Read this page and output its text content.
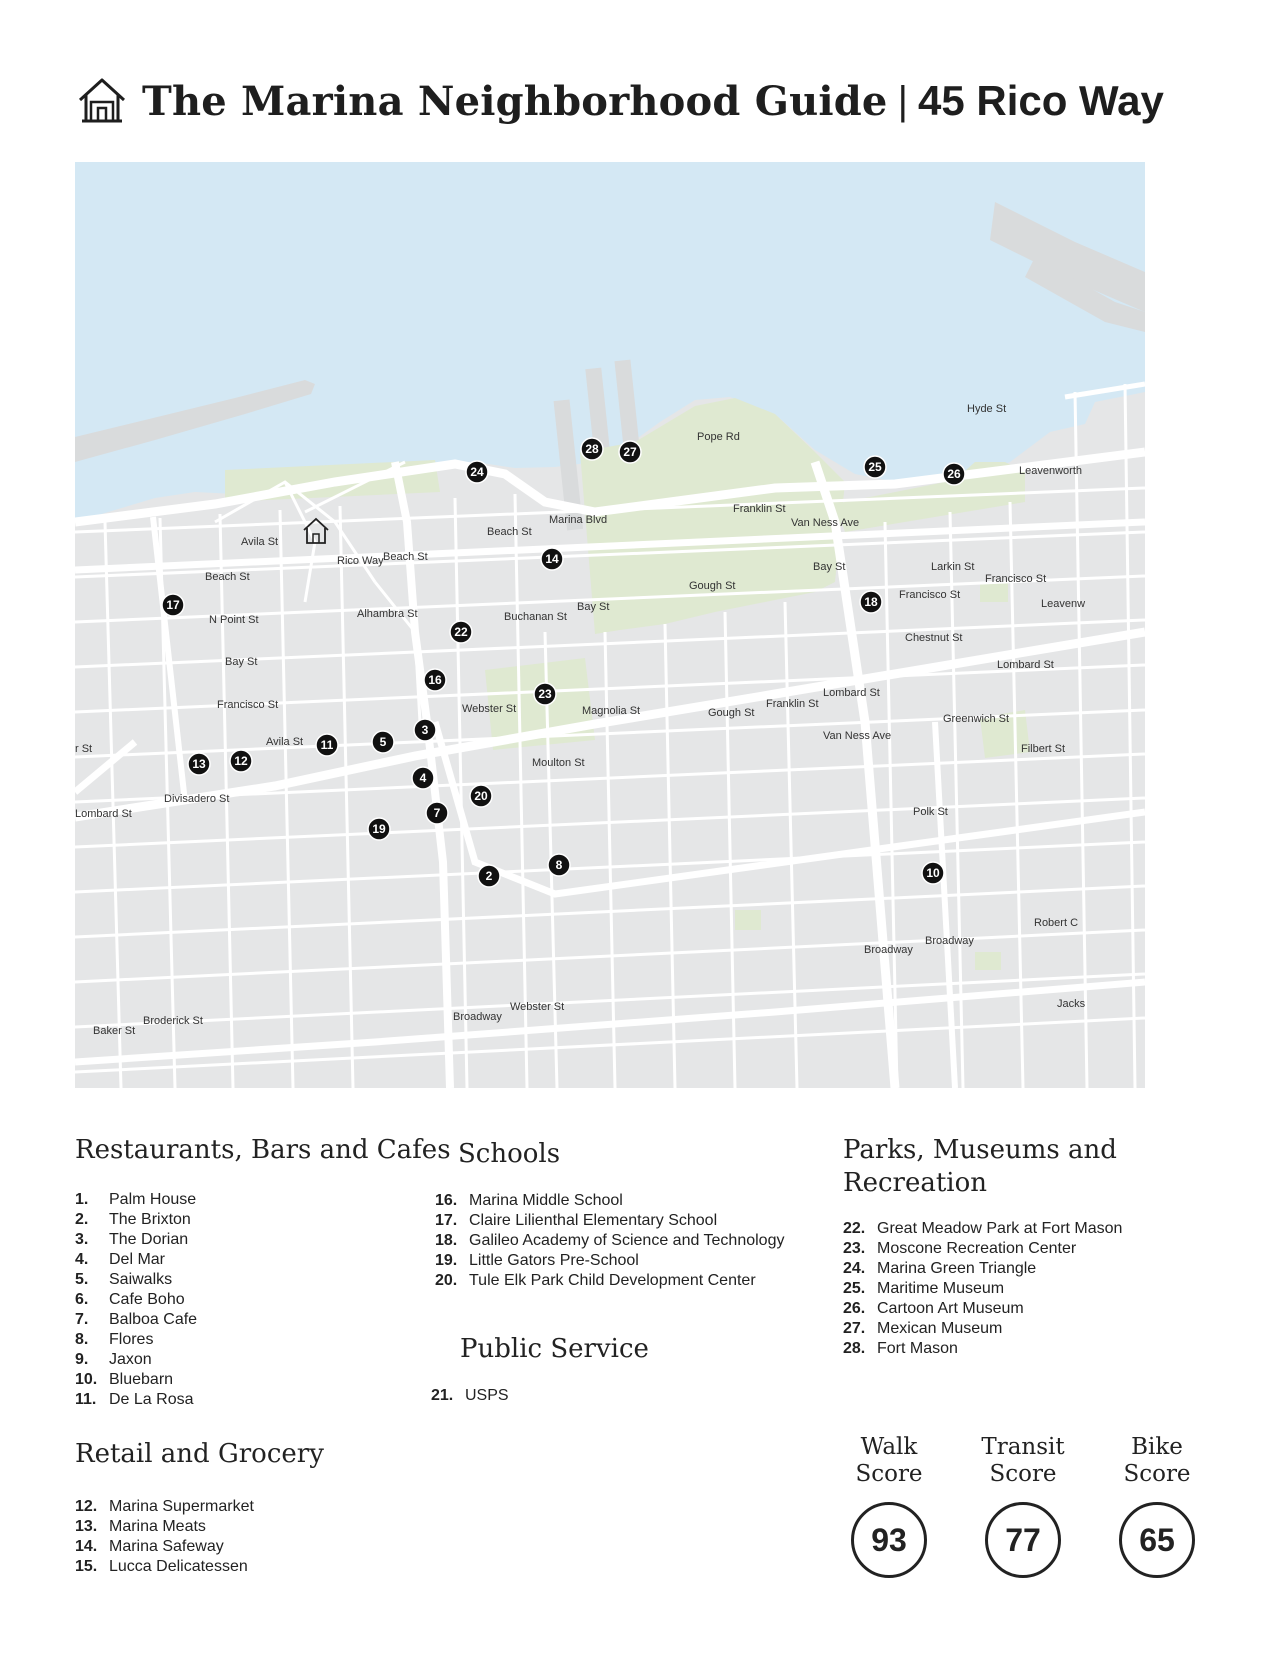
The Marina Neighborhood Guide | 45 Rico Way
Rico Way
Hyde St
Pope Rd
Leavenworth
Franklin St
Van Ness Ave
Marina Blvd
Avila St
Beach St
Beach St
Beach St
Bay St	Larkin St
Francisco St
Gough St
Francisco St
Leavenw
N Point St	Alhambra St	Buchanan St
Bay St
Chestnut St
Bay St	Lombard St
Lombard St
Francisco St	Webster St	Magnolia St
Franklin St
Gough St	Greenwich St
Van Ness Ave
Avila St
Filbert St
r St
Moulton St
Divisadero St
Lombard St	Polk St
Robert C
Broadway
Broadway
Webster St
Broadway
Broderick St
Baker St
Jacks
2
3
4
5
7
8
10
11
12
13
14
16
17	18
19
20
22
23
24	25	26
27
28
Restaurants, Bars and Cafes
1.	Palm House
2.	The Brixton
3.	The Dorian
4.	Del Mar
5.	Saiwalks
6.	Cafe Boho
7.	Balboa Cafe
8.	Flores
9.	Jaxon
10. Bluebarn
11. De La Rosa
Retail and Grocery
12. Marina Supermarket
13. Marina Meats
14. Marina Safeway
15. Lucca Delicatessen
Schools
16. Marina Middle School
17. Claire Lilienthal Elementary School
18. Galileo Academy of Science and Technology
19. Little Gators Pre-School
20. Tule Elk Park Child Development Center
Public Service
21. USPS
Parks, Museums and
Recreation
22. Great Meadow Park at Fort Mason
23. Moscone Recreation Center
24. Marina Green Triangle
25. Maritime Museum
26. Cartoon Art Museum
27. Mexican Museum
28. Fort Mason
Walk
Score
93
Transit
Score
77
Bike
Score
65
